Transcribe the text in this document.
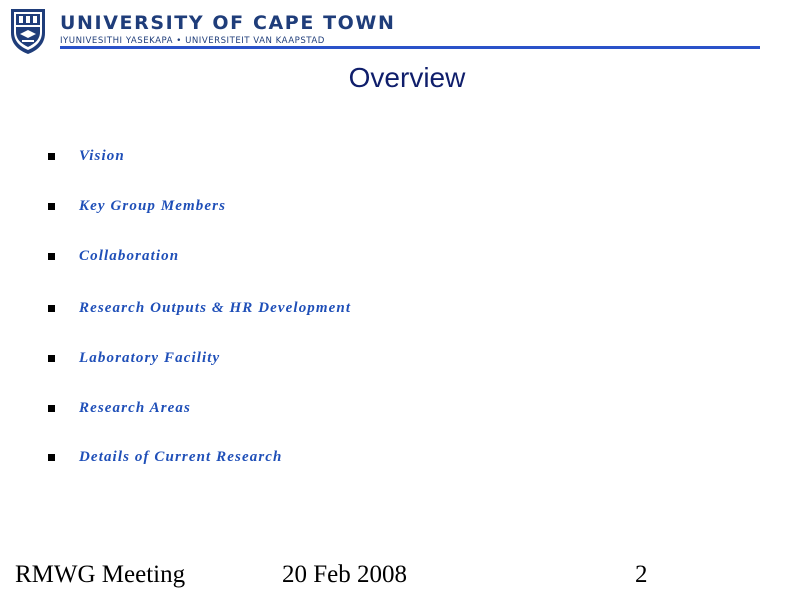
UNIVERSITY OF CAPE TOWN
IYUNIVESITHI YASEKAPA • UNIVERSITEIT VAN KAAPSTAD
Overview
Vision
Key Group Members
Collaboration
Research Outputs & HR Development
Laboratory Facility
Research Areas
Details of Current Research
RMWG Meeting	20 Feb 2008	2
